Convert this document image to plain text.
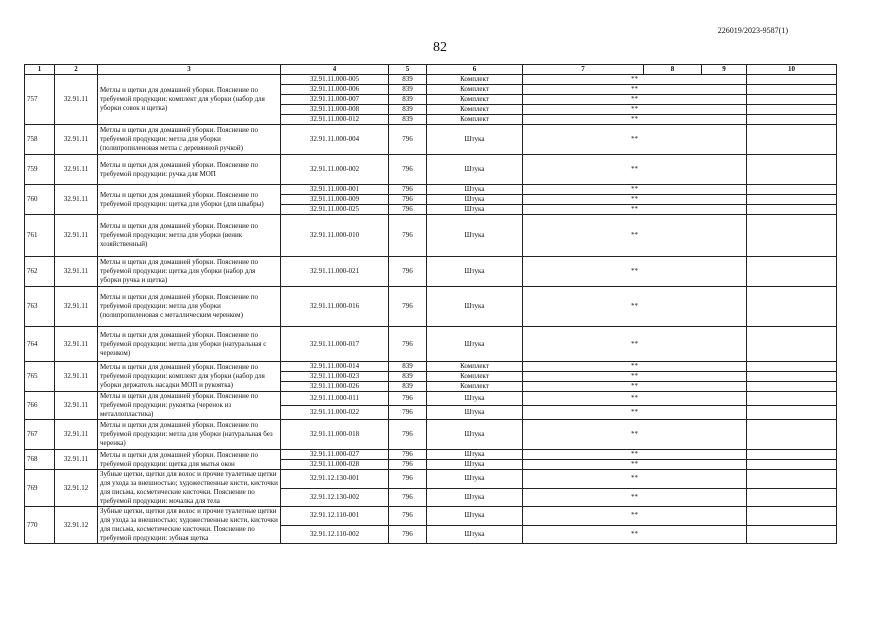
226019/2023-9587(1)
82
1	2	3	4	5	6	7	8	9	10
757	32.91.11	Метлы и щетки для домашней уборки. Пояснение по требуемой продукции: комплект для уборки (набор для уборки совок и щетка)	32.91.11.000-005	839	Комплект	**			
			32.91.11.000-006	839	Комплект	**			
			32.91.11.000-007	839	Комплект	**			
			32.91.11.000-008	839	Комплект	**			
			32.91.11.000-012	839	Комплект	**			
758	32.91.11	Метлы и щетки для домашней уборки. Пояснение по требуемой продукции: метла для уборки (полипропиленовая метла с деревянной ручкой)	32.91.11.000-004	796	Штука	**			
759	32.91.11	Метлы и щетки для домашней уборки. Пояснение по требуемой продукции: ручка для МОП	32.91.11.000-002	796	Штука	**			
760	32.91.11	Метлы и щетки для домашней уборки. Пояснение по требуемой продукции: щетка для уборки (для швабры)	32.91.11.000-001	796	Штука	**			
			32.91.11.000-009	796	Штука	**			
			32.91.11.000-025	796	Штука	**			
761	32.91.11	Метлы и щетки для домашней уборки. Пояснение по требуемой продукции: метла для уборки (веник хозяйственный)	32.91.11.000-010	796	Штука	**			
762	32.91.11	Метлы и щетки для домашней уборки. Пояснение по требуемой продукции: щетка для уборки (набор для уборки ручка и щетка)	32.91.11.000-021	796	Штука	**			
763	32.91.11	Метлы и щетки для домашней уборки. Пояснение по требуемой продукции: метла для уборки (полипропиленовая с металлическим черенком)	32.91.11.000-016	796	Штука	**			
764	32.91.11	Метлы и щетки для домашней уборки. Пояснение по требуемой продукции: метла для уборки (натуральная с черенком)	32.91.11.000-017	796	Штука	**			
765	32.91.11	Метлы и щетки для домашней уборки. Пояснение по требуемой продукции: комплект для уборки (набор для уборки держатель насадки МОП и рукоятка)	32.91.11.000-014	839	Комплект	**			
			32.91.11.000-023	839	Комплект	**			
			32.91.11.000-026	839	Комплект	**			
766	32.91.11	Метлы и щетки для домашней уборки. Пояснение по требуемой продукции: рукоятка (черенок из металлопластика)	32.91.11.000-011	796	Штука	**			
			32.91.11.000-022	796	Штука	**			
767	32.91.11	Метлы и щетки для домашней уборки. Пояснение по требуемой продукции: метла для уборки (натуральная без черенка)	32.91.11.000-018	796	Штука	**			
768	32.91.11	Метлы и щетки для домашней уборки. Пояснение по требуемой продукции: щетка для мытья окон	32.91.11.000-027	796	Штука	**			
			32.91.11.000-028	796	Штука	**			
769	32.91.12	Зубные щетки, щетки для волос и прочие туалетные щетки для ухода за внешностью; художественные кисти, кисточки для письма, косметические кисточки. Пояснение по требуемой продукции: мочалка для тела	32.91.12.130-001	796	Штука	**			
			32.91.12.130-002	796	Штука	**			
770	32.91.12	Зубные щетки, щетки для волос и прочие туалетные щетки для ухода за внешностью; художественные кисти, кисточки для письма, косметические кисточки. Пояснение по требуемой продукции: зубная щетка	32.91.12.110-001	796	Штука	**			
			32.91.12.110-002	796	Штука	**			
